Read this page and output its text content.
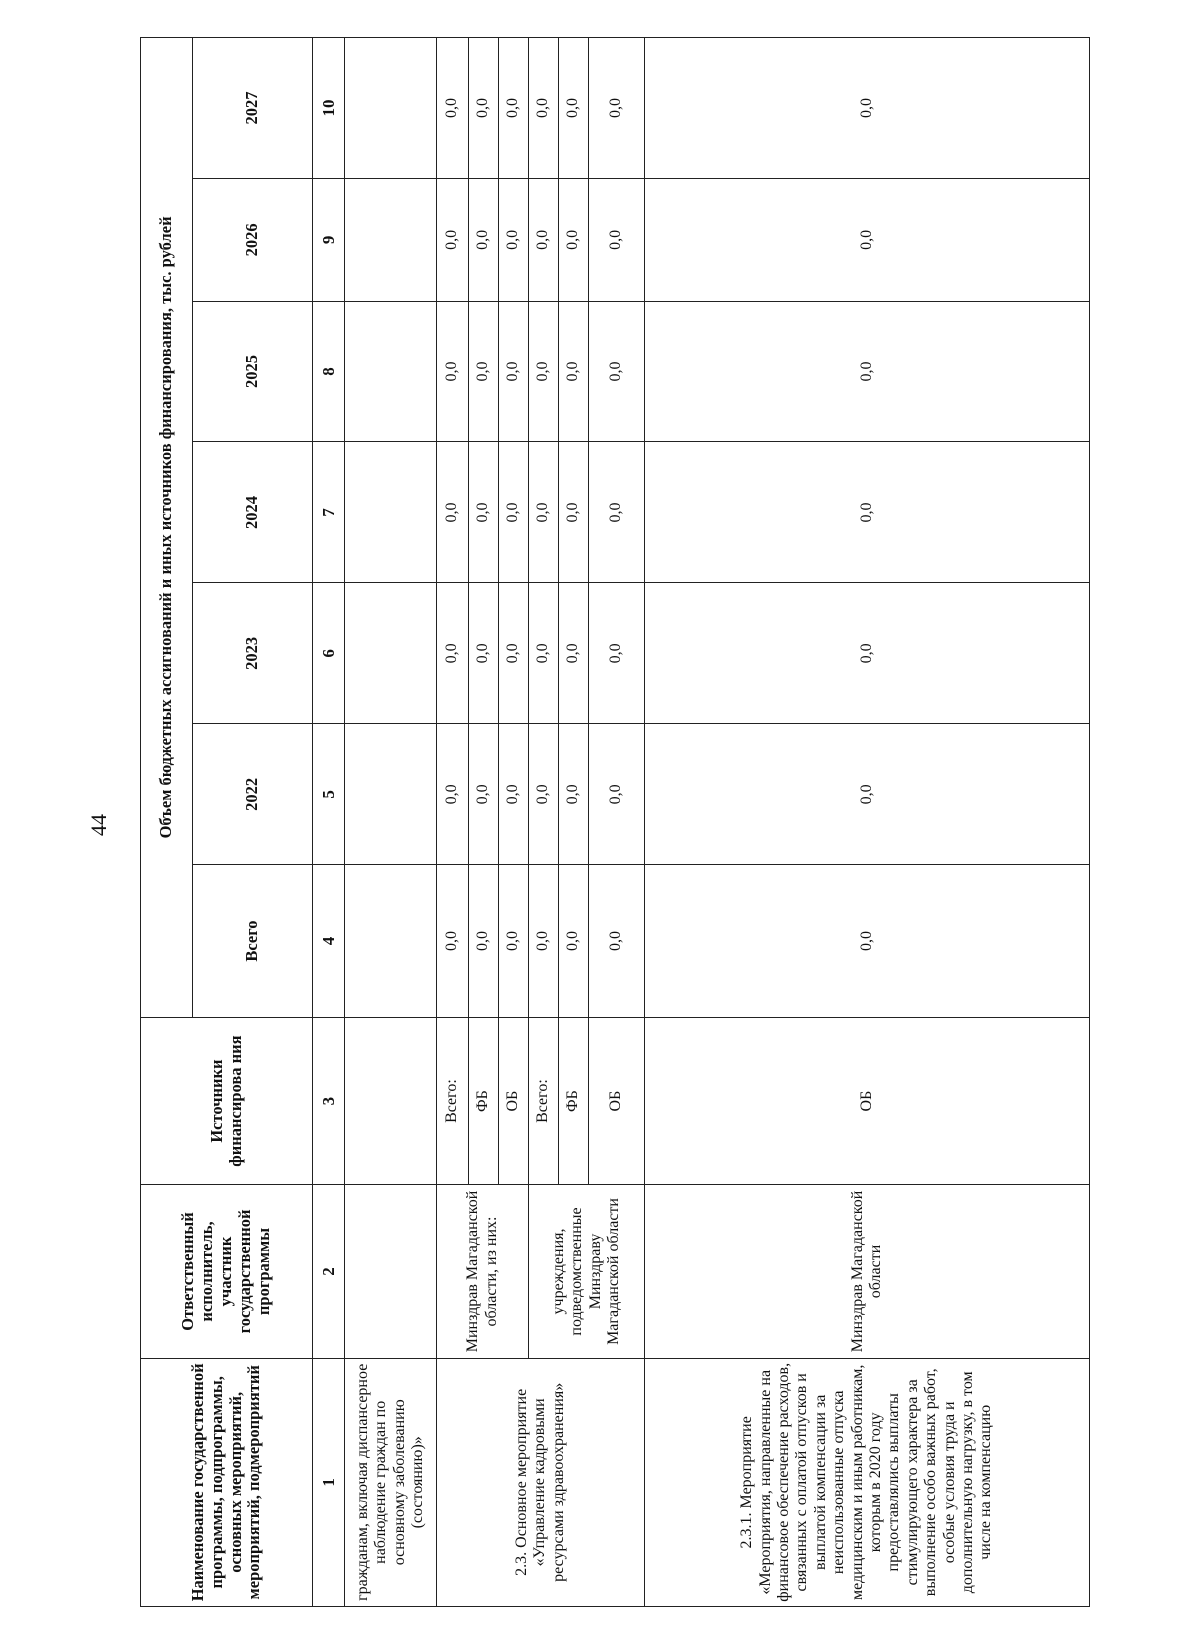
44
Наименование государственной программы, подпрограммы, основных мероприятий, мероприятий, подмероприятий	Ответственный исполнитель, участник государственной программы	Источники финансирова ния	Объем бюджетных ассигнований и иных источников финансирования, тыс. рублей						
			Всего	2022	2023	2024	2025	2026	2027
1	2	3	4	5	6	7	8	9	10
гражданам, включая диспансерное наблюдение граждан по основному заболеванию (состоянию)»									
2.3. Основное мероприятие «Управление кадровыми ресурсами здравоохранения»	Минздрав Магаданской области, из них:	Всего:	0,0	0,0	0,0	0,0	0,0	0,0	0,0
		ФБ	0,0	0,0	0,0	0,0	0,0	0,0	0,0
		ОБ	0,0	0,0	0,0	0,0	0,0	0,0	0,0
	учреждения, подведомственные Минздраву Магаданской области	Всего:	0,0	0,0	0,0	0,0	0,0	0,0	0,0
		ФБ	0,0	0,0	0,0	0,0	0,0	0,0	0,0
		ОБ	0,0	0,0	0,0	0,0	0,0	0,0	0,0
2.3.1. Мероприятие «Мероприятия, направленные на финансовое обеспечение расходов, связанных с оплатой отпусков и выплатой компенсации за неиспользованные отпуска медицинским и иным работникам, которым в 2020 году предоставлялись выплаты стимулирующего характера за выполнение особо важных работ, особые условия труда и дополнительную нагрузку, в том числе на компенсацию	Минздрав Магаданской области	ОБ	0,0	0,0	0,0	0,0	0,0	0,0	0,0
